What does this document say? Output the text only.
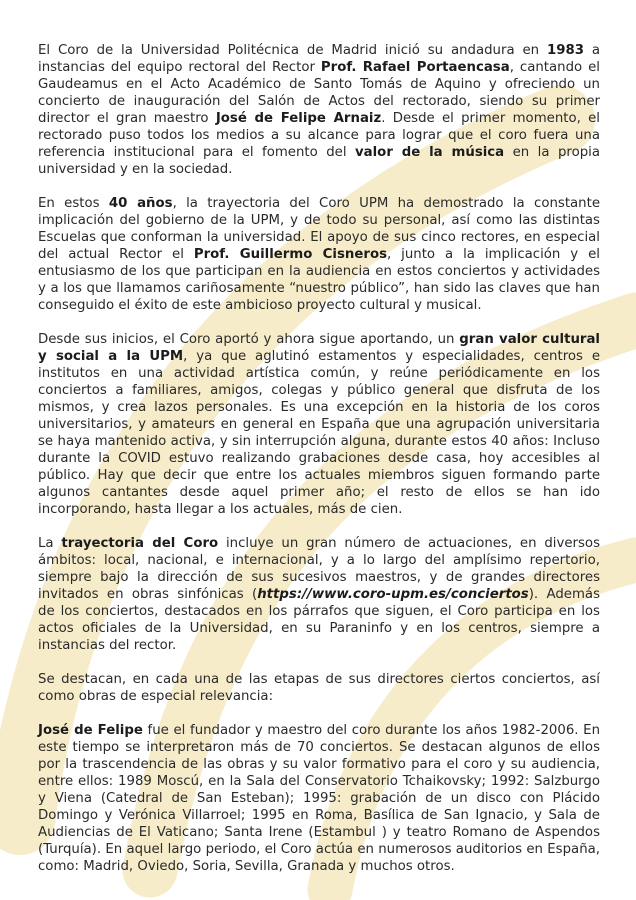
El Coro de la Universidad Politécnica de Madrid inició su andadura en 1983 a instancias del equipo rectoral del Rector Prof. Rafael Portaencasa, cantando el Gaudeamus en el Acto Académico de Santo Tomás de Aquino y ofreciendo un concierto de inauguración del Salón de Actos del rectorado, siendo su primer director el gran maestro José de Felipe Arnaiz. Desde el primer momento, el rectorado puso todos los medios a su alcance para lograr que el coro fuera una referencia institucional para el fomento del valor de la música en la propia universidad y en la sociedad.

En estos 40 años, la trayectoria del Coro UPM ha demostrado la constante implicación del gobierno de la UPM, y de todo su personal, así como las distintas Escuelas que conforman la universidad. El apoyo de sus cinco rectores, en especial del actual Rector el Prof. Guillermo Cisneros, junto a la implicación y el entusiasmo de los que participan en la audiencia en estos conciertos y actividades y a los que llamamos cariñosamente “nuestro público”, han sido las claves que han conseguido el éxito de este ambicioso proyecto cultural y musical.

Desde sus inicios, el Coro aportó y ahora sigue aportando, un gran valor cultural y social a la UPM, ya que aglutinó estamentos y especialidades, centros e institutos en una actividad artística común, y reúne periódicamente en los conciertos a familiares, amigos, colegas y público general que disfruta de los mismos, y crea lazos personales. Es una excepción en la historia de los coros universitarios, y amateurs en general en España que una agrupación universitaria se haya mantenido activa, y sin interrupción alguna, durante estos 40 años: Incluso durante la COVID estuvo realizando grabaciones desde casa, hoy accesibles al público. Hay que decir que entre los actuales miembros siguen formando parte algunos cantantes desde aquel primer año; el resto de ellos se han ido incorporando, hasta llegar a los actuales, más de cien.

La trayectoria del Coro incluye un gran número de actuaciones, en diversos ámbitos: local, nacional, e internacional, y a lo largo del amplísimo repertorio, siempre bajo la dirección de sus sucesivos maestros, y de grandes directores invitados en obras sinfónicas (https://www.coro-upm.es/conciertos). Además de los conciertos, destacados en los párrafos que siguen, el Coro participa en los actos oficiales de la Universidad, en su Paraninfo y en los centros, siempre a instancias del rector.

Se destacan, en cada una de las etapas de sus directores ciertos conciertos, así como obras de especial relevancia:

José de Felipe fue el fundador y maestro del coro durante los años 1982-2006. En este tiempo se interpretaron más de 70 conciertos. Se destacan algunos de ellos por la trascendencia de las obras y su valor formativo para el coro y su audiencia, entre ellos: 1989 Moscú, en la Sala del Conservatorio Tchaikovsky; 1992: Salzburgo y Viena (Catedral de San Esteban); 1995: grabación de un disco con Plácido Domingo y Verónica Villarroel; 1995 en Roma, Basílica de San Ignacio, y Sala de Audiencias de El Vaticano; Santa Irene (Estambul ) y teatro Romano de Aspendos (Turquía). En aquel largo periodo, el Coro actúa en numerosos auditorios en España, como: Madrid, Oviedo, Soria, Sevilla, Granada y muchos otros.
